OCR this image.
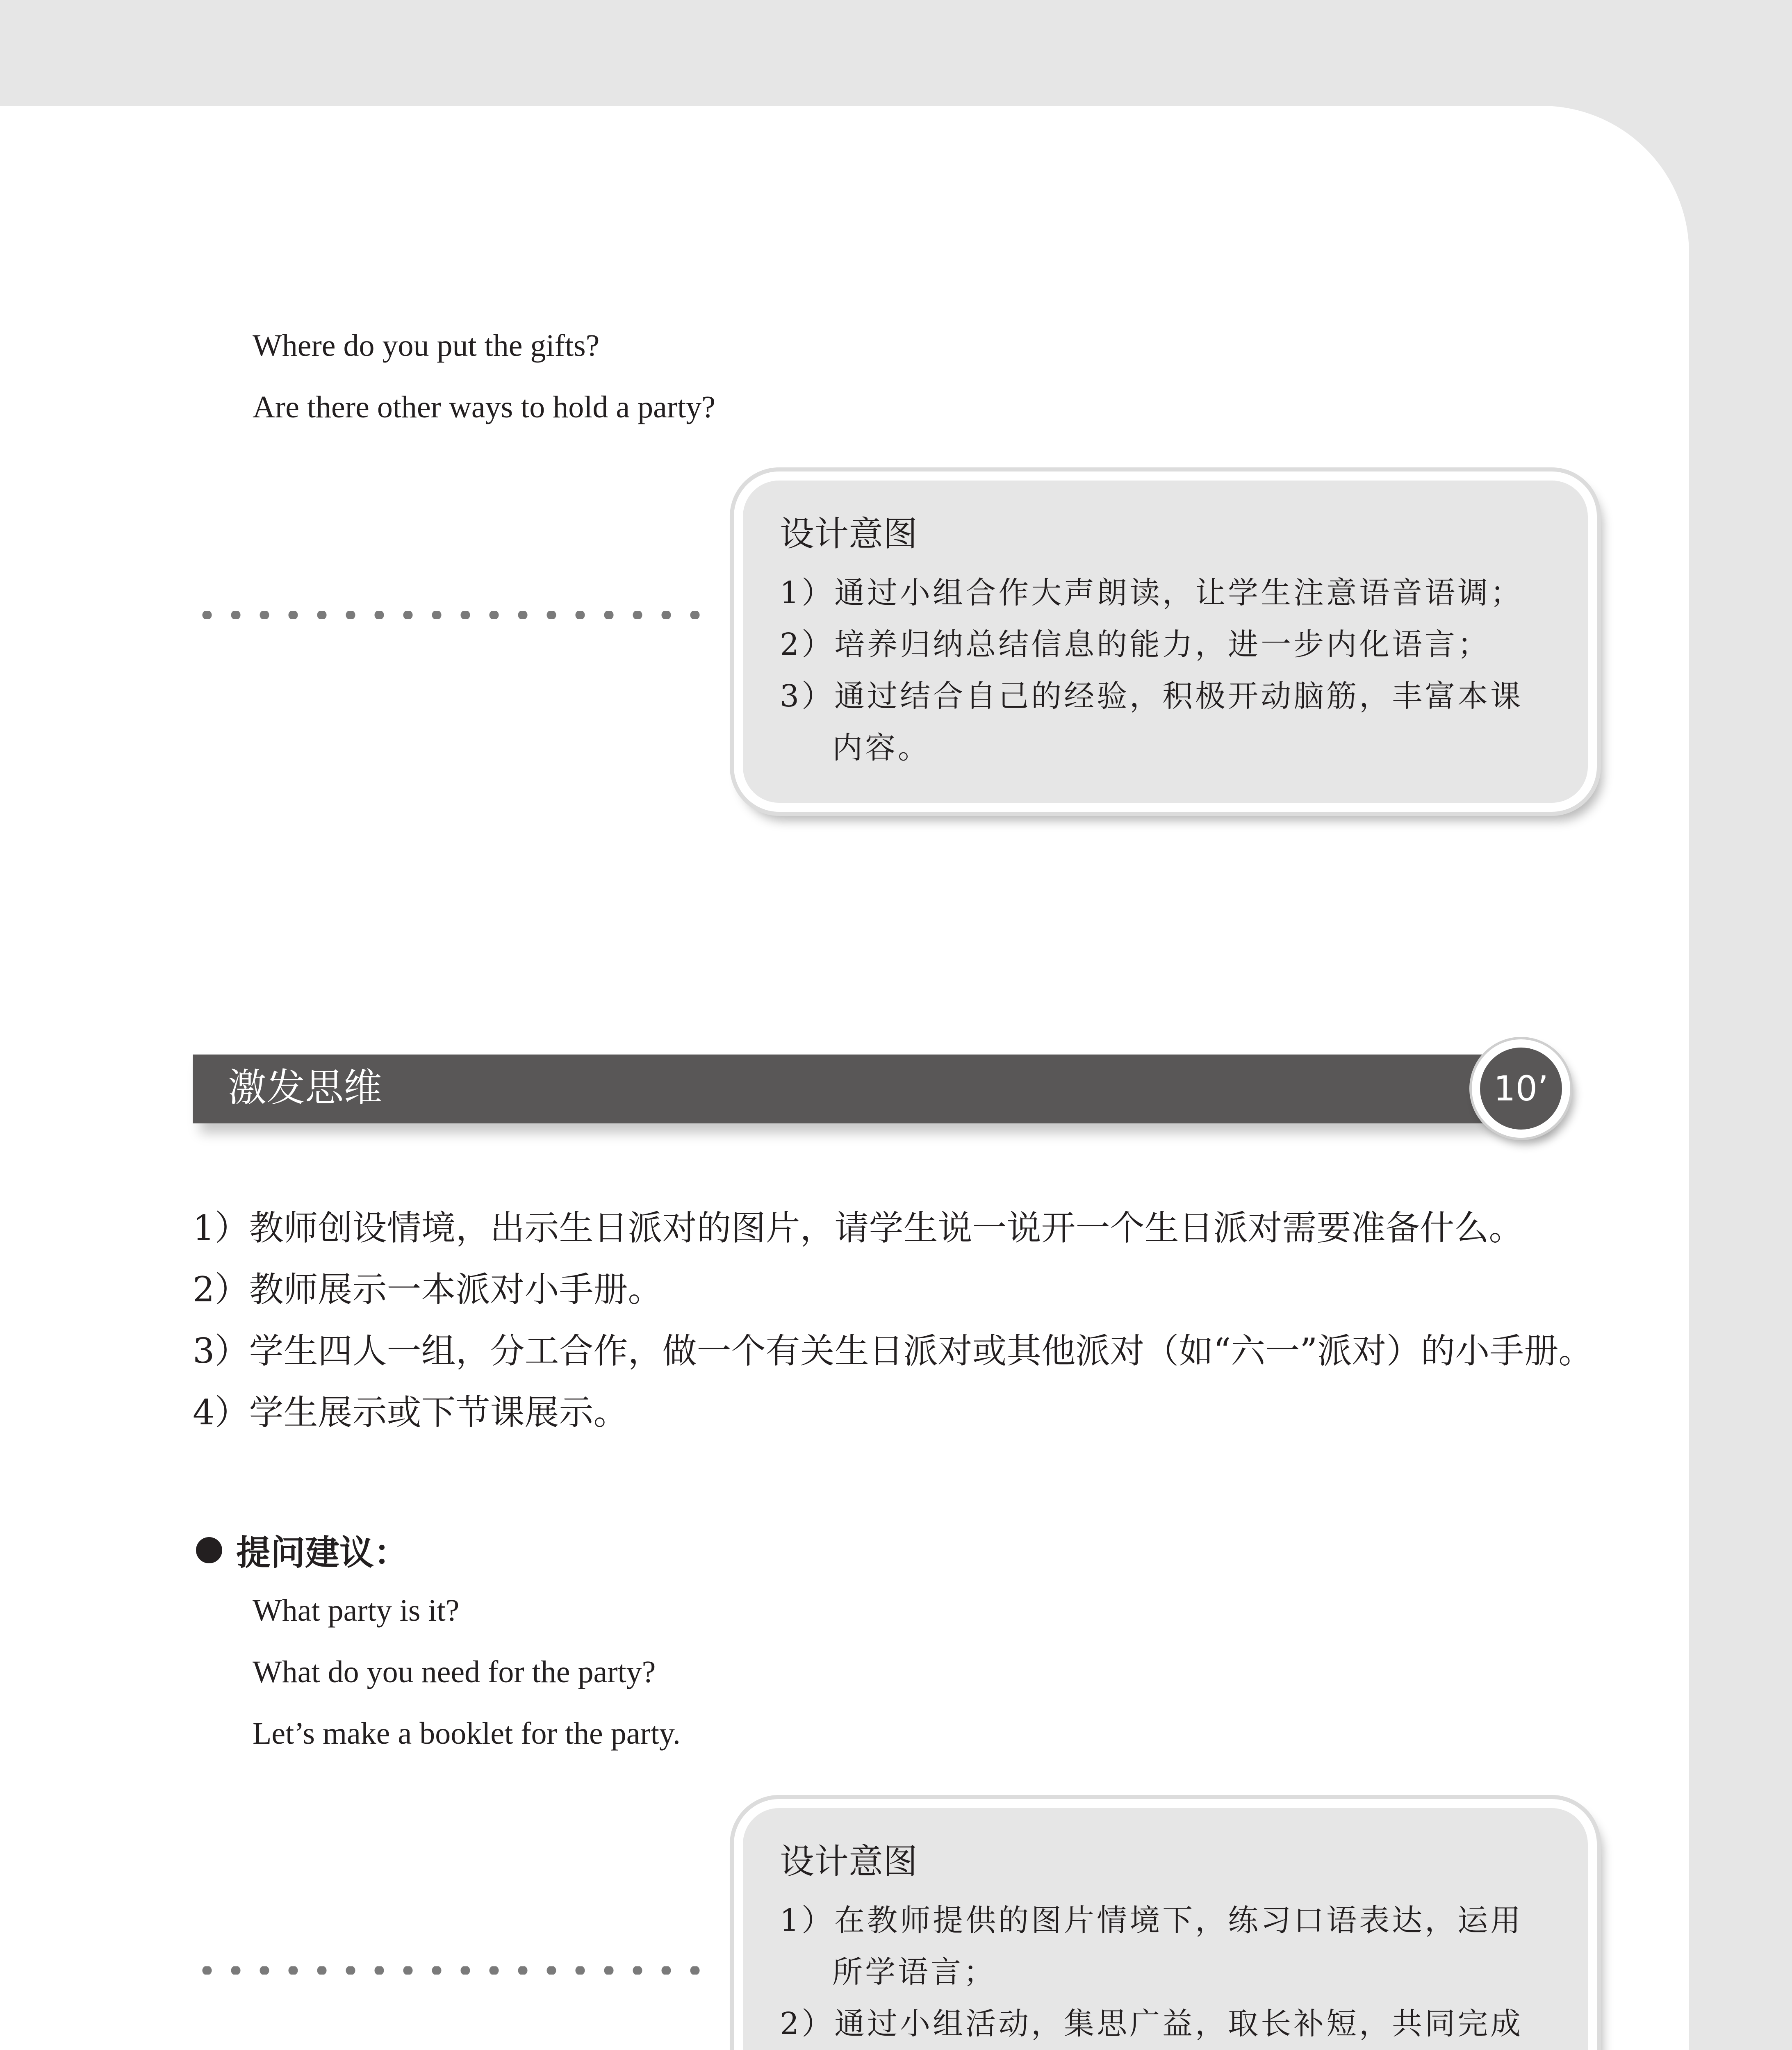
Where do you put the gifts?

Are there other ways to hold a party?

设计意图

1）通过小组合作大声朗读，让学生注意语音语调；
2）培养归纳总结信息的能力，进一步内化语言；
3）通过结合自己的经验，积极开动脑筋，丰富本课内容。

激发思维	10’
1）教师创设情境，出示生日派对的图片，请学生说一说开一个生日派对需要准备什么。
2）教师展示一本派对小手册。
3）学生四人一组，分工合作，做一个有关生日派对或其他派对（如“六一”派对）的小手册。
4）学生展示或下节课展示。
提问建议：

What party is it?

What do you need for the party?

Let’s make a booklet for the party.

设计意图

1）在教师提供的图片情境下，练习口语表达，运用所学语言；
2）通过小组活动，集思广益，取长补短，共同完成
